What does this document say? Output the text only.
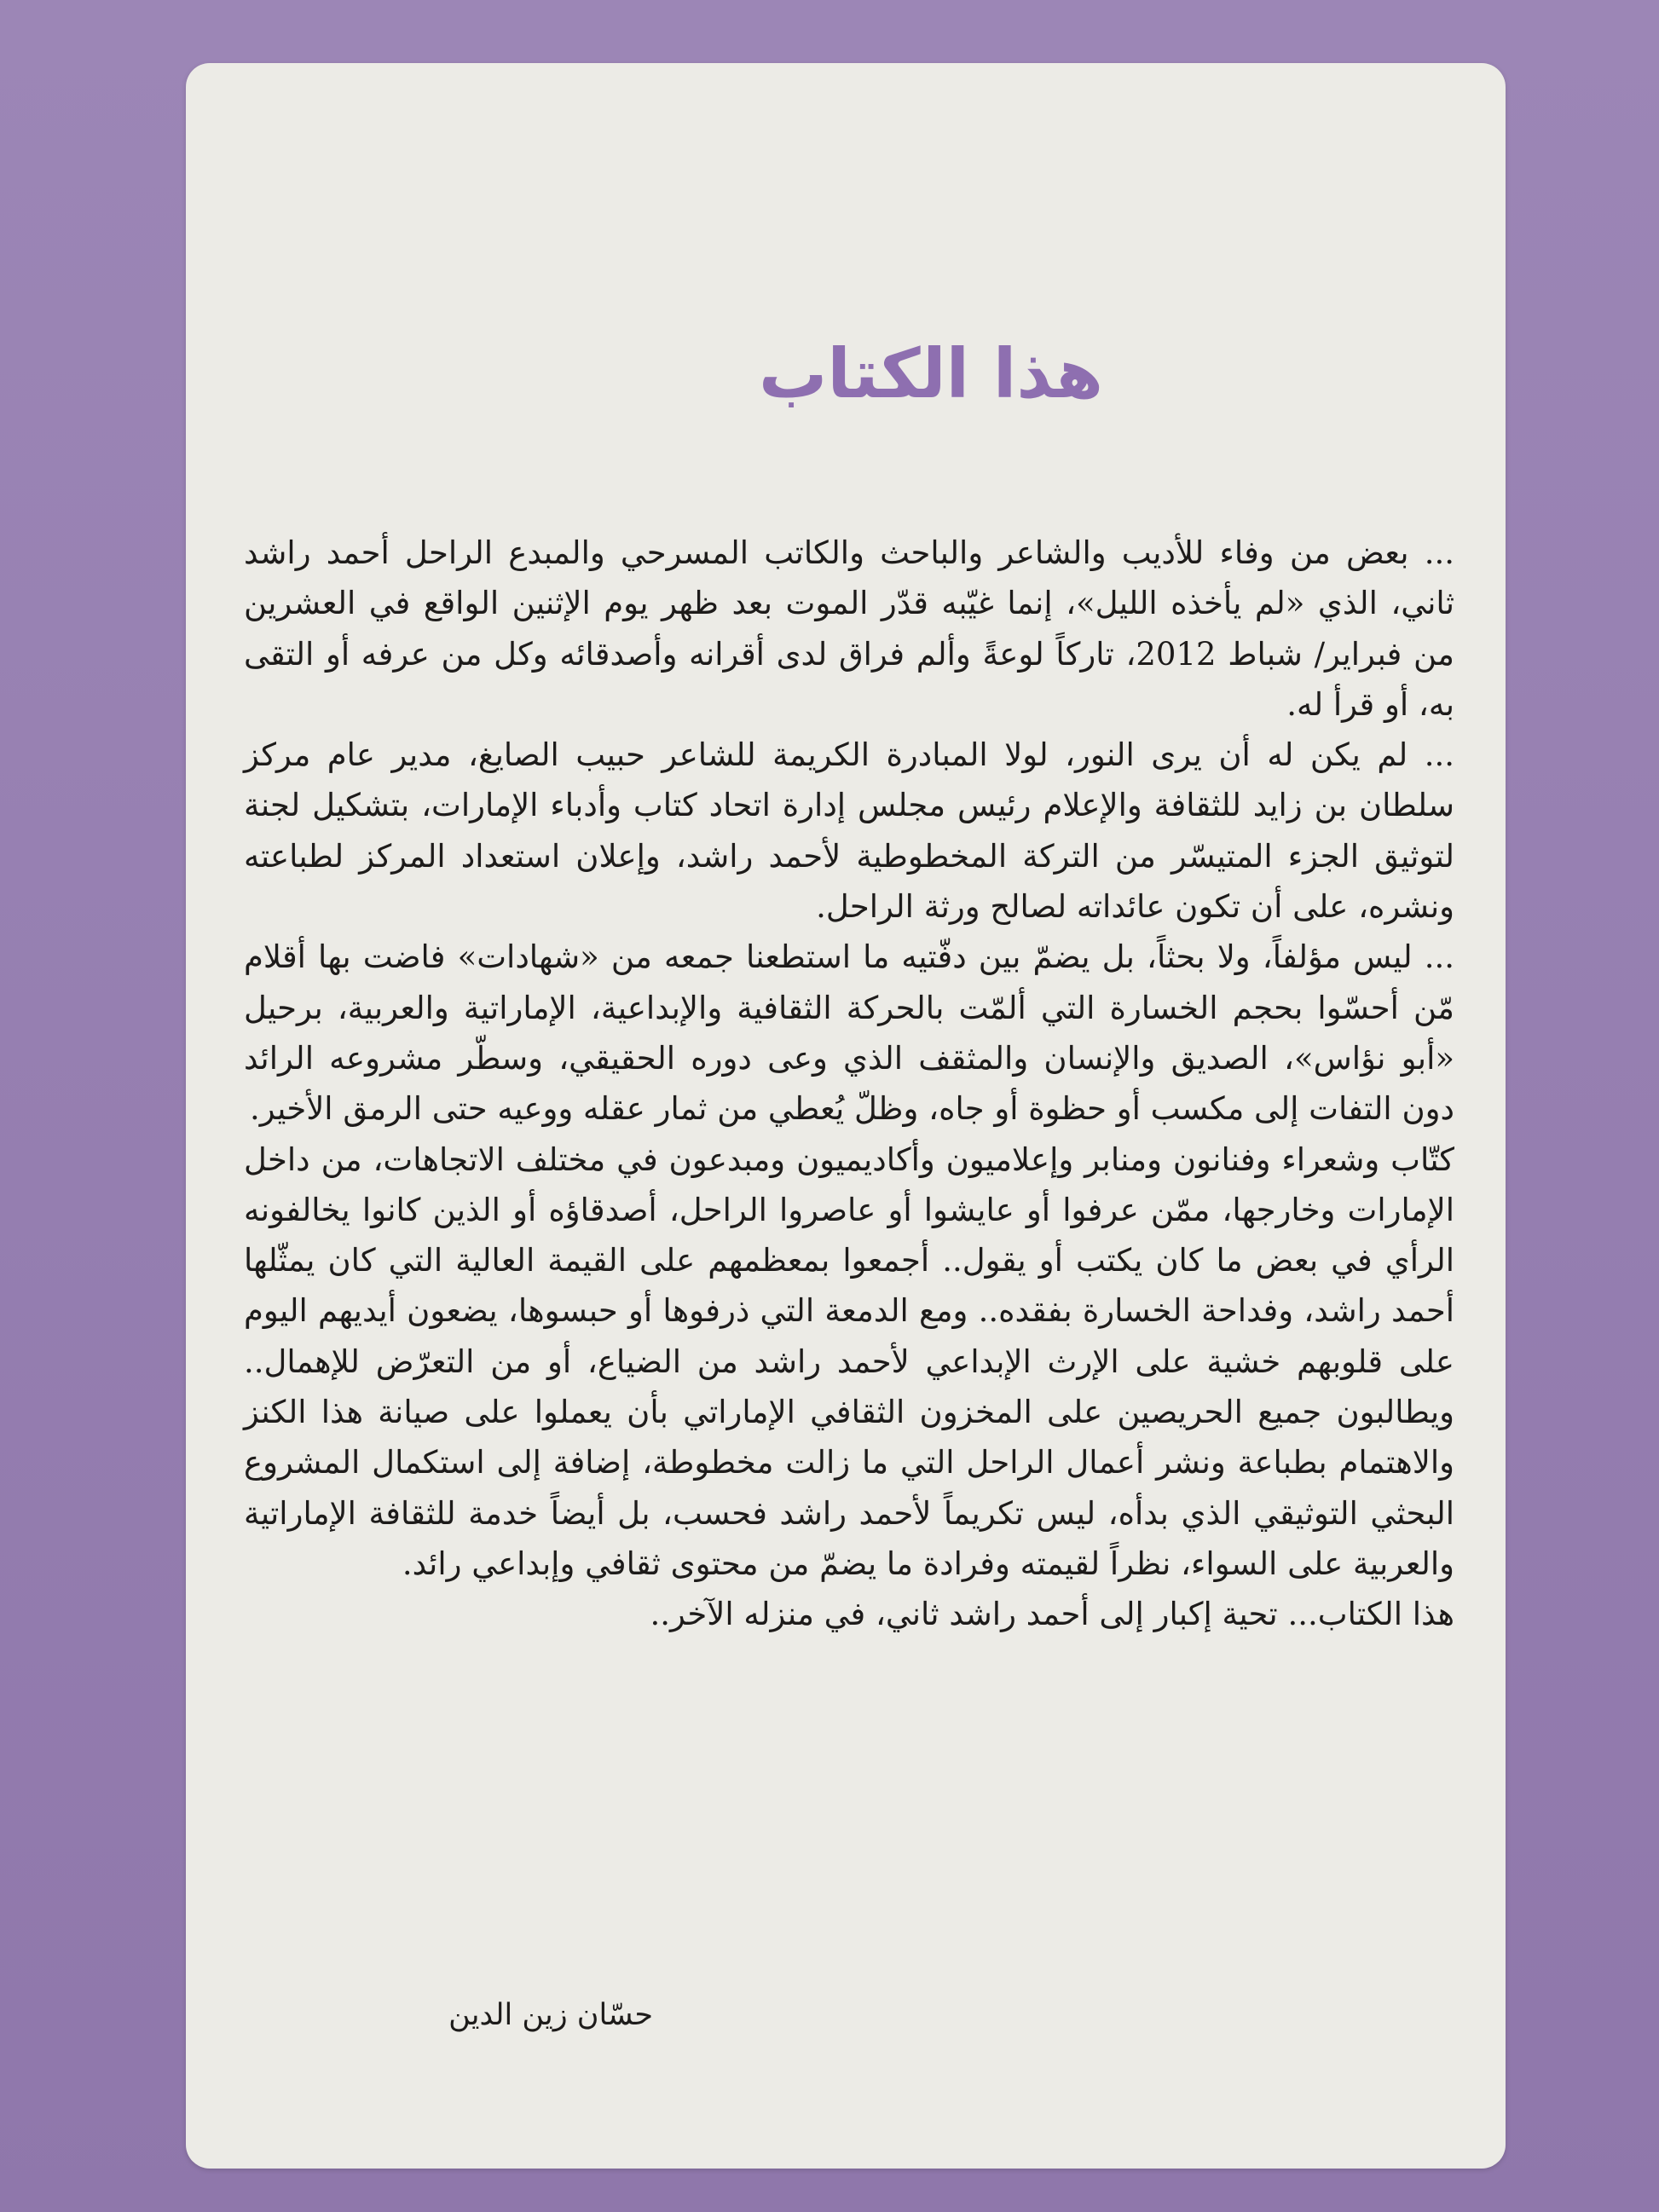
هذا الكتاب

... بعض من وفاء للأديب والشاعر والباحث والكاتب المسرحي والمبدع الراحل أحمد راشد ثاني، الذي «لم يأخذه الليل»، إنما غيّبه قدّر الموت بعد ظهر يوم الإثنين الواقع في العشرين من فبراير/ شباط 2012، تاركاً لوعةً وألم فراق لدى أقرانه وأصدقائه وكل من عرفه أو التقى به، أو قرأ له.

... لم يكن له أن يرى النور، لولا المبادرة الكريمة للشاعر حبيب الصايغ، مدير عام مركز سلطان بن زايد للثقافة والإعلام رئيس مجلس إدارة اتحاد كتاب وأدباء الإمارات، بتشكيل لجنة لتوثيق الجزء المتيسّر من التركة المخطوطية لأحمد راشد، وإعلان استعداد المركز لطباعته ونشره، على أن تكون عائداته لصالح ورثة الراحل.

... ليس مؤلفاً، ولا بحثاً، بل يضمّ بين دفّتيه ما استطعنا جمعه من «شهادات» فاضت بها أقلام مّن أحسّوا بحجم الخسارة التي ألمّت بالحركة الثقافية والإبداعية، الإماراتية والعربية، برحيل «أبو نؤاس»، الصديق والإنسان والمثقف الذي وعى دوره الحقيقي، وسطّر مشروعه الرائد دون التفات إلى مكسب أو حظوة أو جاه، وظلّ يُعطي من ثمار عقله ووعيه حتى الرمق الأخير.

كتّاب وشعراء وفنانون ومنابر وإعلاميون وأكاديميون ومبدعون في مختلف الاتجاهات، من داخل الإمارات وخارجها، ممّن عرفوا أو عايشوا أو عاصروا الراحل، أصدقاؤه أو الذين كانوا يخالفونه الرأي في بعض ما كان يكتب أو يقول.. أجمعوا بمعظمهم على القيمة العالية التي كان يمثّلها أحمد راشد، وفداحة الخسارة بفقده.. ومع الدمعة التي ذرفوها أو حبسوها، يضعون أيديهم اليوم على قلوبهم خشية على الإرث الإبداعي لأحمد راشد من الضياع، أو من التعرّض للإهمال.. ويطالبون جميع الحريصين على المخزون الثقافي الإماراتي بأن يعملوا على صيانة هذا الكنز والاهتمام بطباعة ونشر أعمال الراحل التي ما زالت مخطوطة، إضافة إلى استكمال المشروع البحثي التوثيقي الذي بدأه، ليس تكريماً لأحمد راشد فحسب، بل أيضاً خدمة للثقافة الإماراتية والعربية على السواء، نظراً لقيمته وفرادة ما يضمّ من محتوى ثقافي وإبداعي رائد.

هذا الكتاب... تحية إكبار إلى أحمد راشد ثاني، في منزله الآخر..

حسّان زين الدين
